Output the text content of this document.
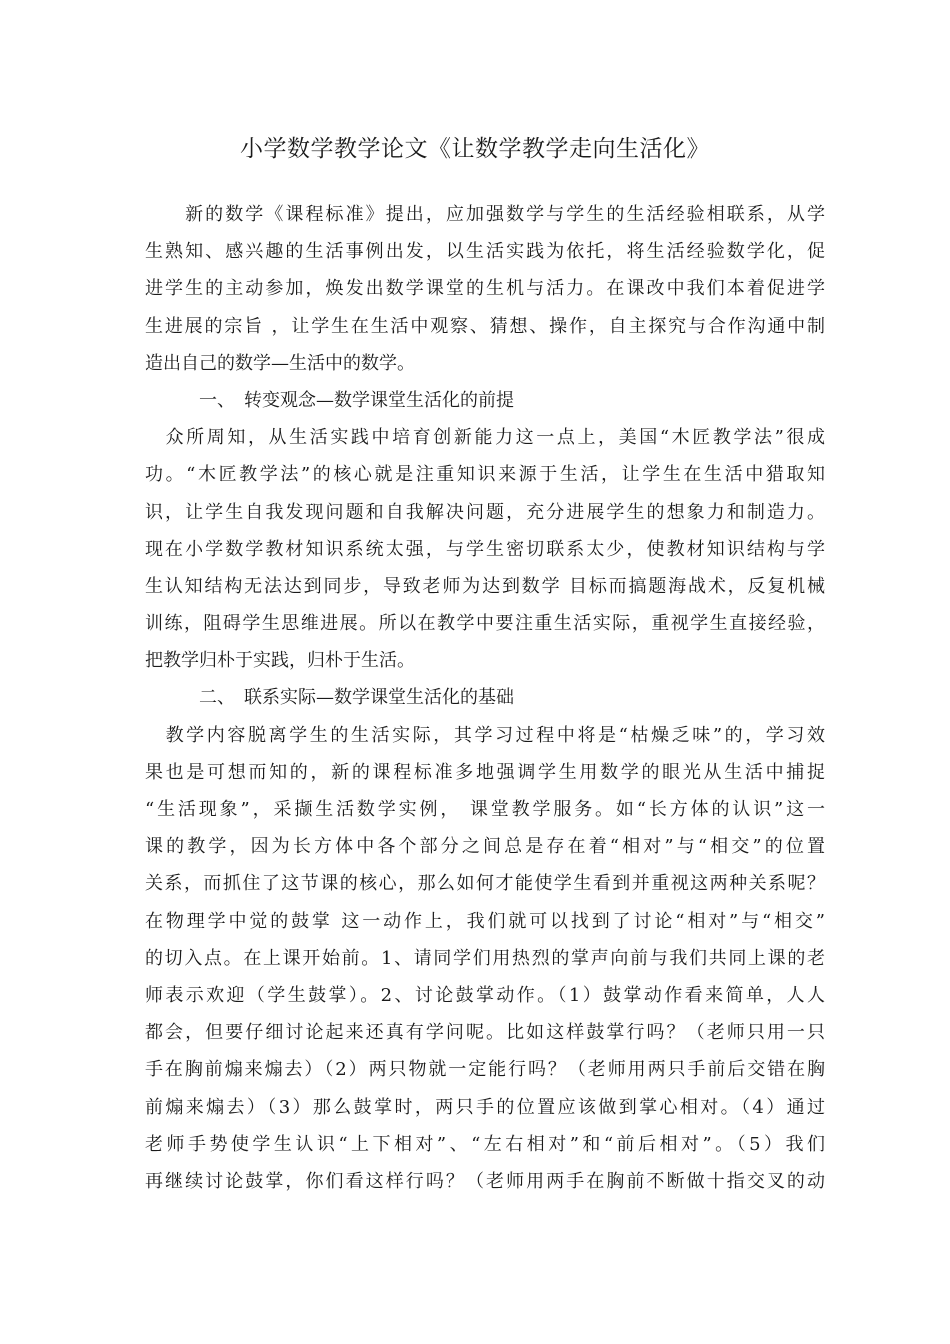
小学数学教学论文《让数学教学走向生活化》
　　新的数学《课程标准》提出，应加强数学与学生的生活经验相联系，从学
生熟知、感兴趣的生活事例出发，以生活实践为依托，将生活经验数学化，促
进学生的主动参加，焕发出数学课堂的生机与活力。在课改中我们本着促进学
生进展的宗旨 ，让学生在生活中观察、猜想、操作，自主探究与合作沟通中制
造出自己的数学—生活中的数学。
　　　一、　转变观念—数学课堂生活化的前提
　众所周知，从生活实践中培育创新能力这一点上，美国“木匠教学法”很成
功。“木匠教学法”的核心就是注重知识来源于生活，让学生在生活中猎取知
识，让学生自我发现问题和自我解决问题，充分进展学生的想象力和制造力。
现在小学数学教材知识系统太强，与学生密切联系太少，使教材知识结构与学
生认知结构无法达到同步，导致老师为达到数学 目标而搞题海战术，反复机械
训练，阻碍学生思维进展。所以在教学中要注重生活实际，重视学生直接经验，
把教学归朴于实践，归朴于生活。
　　　二、　联系实际—数学课堂生活化的基础
　教学内容脱离学生的生活实际，其学习过程中将是“枯燥乏味”的，学习效
果也是可想而知的，新的课程标准多地强调学生用数学的眼光从生活中捕捉
“生活现象”，采撷生活数学实例， 课堂教学服务。如“长方体的认识”这一
课的教学，因为长方体中各个部分之间总是存在着“相对”与“相交”的位置
关系，而抓住了这节课的核心，那么如何才能使学生看到并重视这两种关系呢？
在物理学中觉的鼓掌 这一动作上，我们就可以找到了讨论“相对”与“相交”
的切入点。在上课开始前。1、请同学们用热烈的掌声向前与我们共同上课的老
师表示欢迎（学生鼓掌）。2、讨论鼓掌动作。（1）鼓掌动作看来简单，人人
都会，但要仔细讨论起来还真有学问呢。比如这样鼓掌行吗？（老师只用一只
手在胸前煽来煽去）（2）两只物就一定能行吗？（老师用两只手前后交错在胸
前煽来煽去）（3）那么鼓掌时，两只手的位置应该做到掌心相对。（4）通过
老师手势使学生认识“上下相对”、“左右相对”和“前后相对”。（5）我们
再继续讨论鼓掌，你们看这样行吗？（老师用两手在胸前不断做十指交叉的动
